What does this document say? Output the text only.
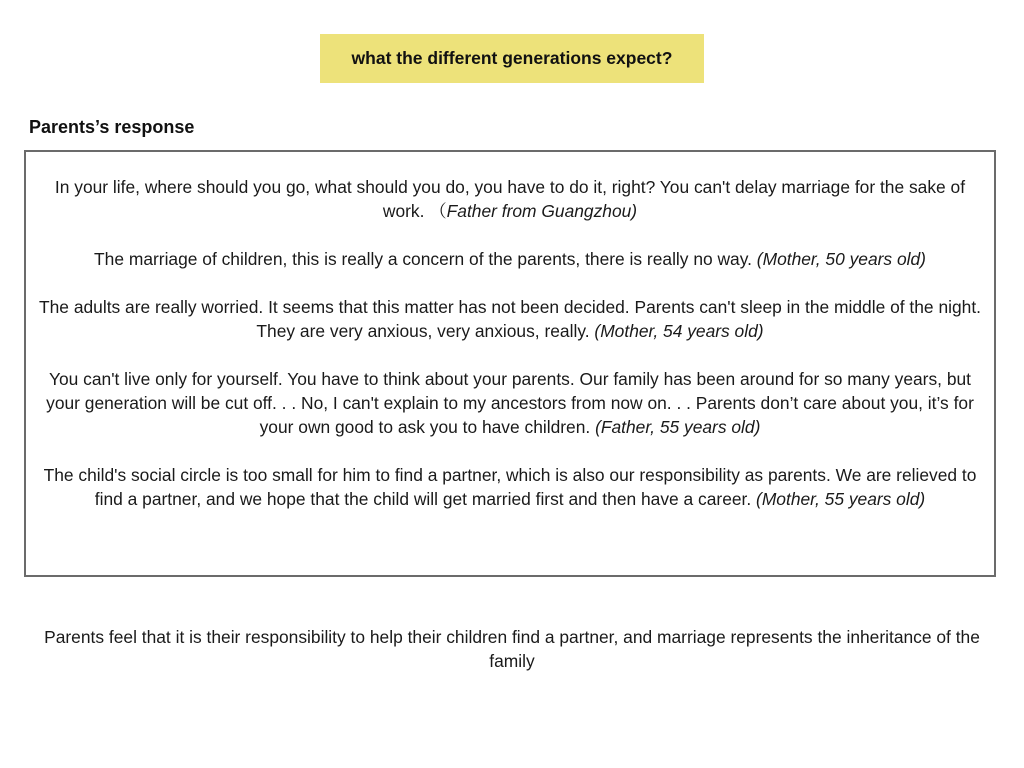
what the different generations expect?
Parents’s response

In your life, where should you go, what should you do, you have to do it, right? You can't delay marriage for the sake of work. （Father from Guangzhou)

The marriage of children, this is really a concern of the parents, there is really no way. (Mother, 50 years old)

The adults are really worried. It seems that this matter has not been decided. Parents can't sleep in the middle of the night. They are very anxious, very anxious, really. (Mother, 54 years old)

You can't live only for yourself. You have to think about your parents. Our family has been around for so many years, but your generation will be cut off. . . No, I can't explain to my ancestors from now on. . . Parents don’t care about you, it’s for your own good to ask you to have children. (Father, 55 years old)

The child's social circle is too small for him to find a partner, which is also our responsibility as parents. We are relieved to find a partner, and we hope that the child will get married first and then have a career. (Mother, 55 years old)

Parents feel that it is their responsibility to help their children find a partner, and marriage represents the inheritance of the family
